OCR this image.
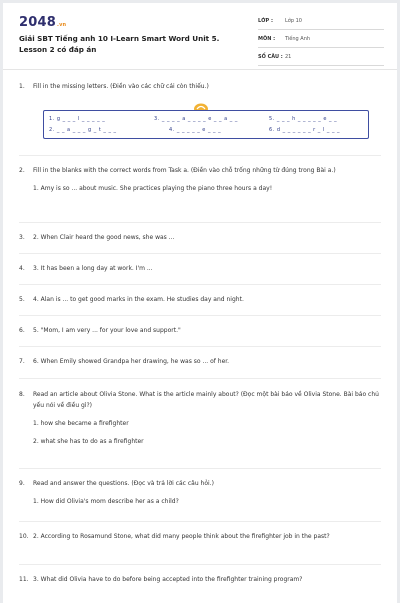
2048.vn
Giải SBT Tiếng anh 10 I-Learn Smart Word Unit 5. Lesson 2 có đáp án
LỚP : Lớp 10
MÔN : Tiếng Anh
SỐ CÂU : 21
1.	Fill in the missing letters. (Điền vào các chữ cái còn thiếu.)
1. g _ _ _ l _ _ _ _ _
2. _ _ a _ _ _ g _ t _ _ _
3. _ _ _ _ a _ _ _ _ e _ _ a _ _
4. _ _ _ _ _ e _ _ _
5. _ _ _ h _ _ _ _ _ e _ _
6. d _ _ _ _ _ _ r _ l _ _ _
2.	Fill in the blanks with the correct words from Task a. (Điền vào chỗ trống những từ đúng trong Bài a.)
1. Amy is so ... about music. She practices playing the piano three hours a day!
3.	2. When Clair heard the good news, she was ...
4.	3. It has been a long day at work. I'm ...
5.	4. Alan is ... to get good marks in the exam. He studies day and night.
6.	5. "Mom, I am very ... for your love and support."
7.	6. When Emily showed Grandpa her drawing, he was so ... of her.
8.	Read an article about Olivia Stone. What is the article mainly about? (Đọc một bài báo về Olivia Stone. Bài báo chủ yếu nói về điều gì?)
1. how she became a firefighter
2. what she has to do as a firefighter
9.	Read and answer the questions. (Đọc và trả lời các câu hỏi.)
1. How did Olivia's mom describe her as a child?
10. 2. According to Rosamund Stone, what did many people think about the firefighter job in the past?
11. 3. What did Olivia have to do before being accepted into the firefighter training program?
